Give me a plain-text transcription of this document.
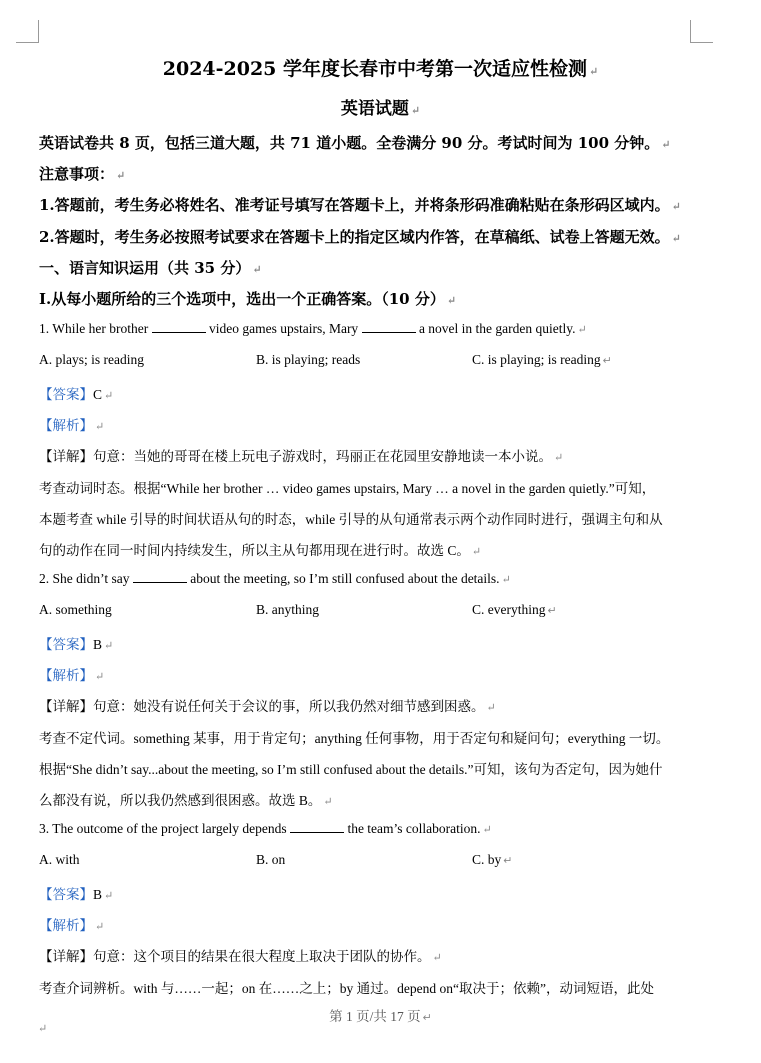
2024-2025 学年度长春市中考第一次适应性检测 ↵
英语试题 ↵
英语试卷共 8 页，包括三道大题，共 71 道小题。全卷满分 90 分。考试时间为 100 分钟。 ↵
注意事项： ↵
1.答题前，考生务必将姓名、准考证号填写在答题卡上，并将条形码准确粘贴在条形码区域内。 ↵
2.答题时，考生务必按照考试要求在答题卡上的指定区域内作答，在草稿纸、试卷上答题无效。 ↵
一、语言知识运用（共 35 分） ↵
Ⅰ.从每小题所给的三个选项中，选出一个正确答案。（10 分） ↵
1. While her brother	video games upstairs, Mary	a novel in the garden quietly. ↵
A. plays; is reading	B. is playing; reads	C. is playing; is reading ↵
【答案】C ↵
【解析】 ↵
【详解】句意：当她的哥哥在楼上玩电子游戏时，玛丽正在花园里安静地读一本小说。 ↵
考查动词时态。根据“While her brother … video games upstairs, Mary … a novel in the garden quietly.”可知，
本题考查 while 引导的时间状语从句的时态，while 引导的从句通常表示两个动作同时进行，强调主句和从
句的动作在同一时间内持续发生，所以主从句都用现在进行时。故选 C。 ↵
2. She didn’t say	about the meeting, so I’m still confused about the details. ↵
A. something	B. anything	C. everything ↵
【答案】B ↵
【解析】 ↵
【详解】句意：她没有说任何关于会议的事，所以我仍然对细节感到困惑。 ↵
考查不定代词。something 某事，用于肯定句；anything 任何事物，用于否定句和疑问句；everything 一切。
根据“She didn’t say...about the meeting, so I’m still confused about the details.”可知，该句为否定句，因为她什
么都没有说，所以我仍然感到很困惑。故选 B。 ↵
3. The outcome of the project largely depends	the team’s collaboration. ↵
A. with	B. on	C. by ↵
【答案】B ↵
【解析】 ↵
【详解】句意：这个项目的结果在很大程度上取决于团队的协作。 ↵
考查介词辨析。with 与……一起；on 在……之上；by 通过。depend on“取决于；依赖”，动词短语，此处
第 1 页/共 17 页 ↵
↵
